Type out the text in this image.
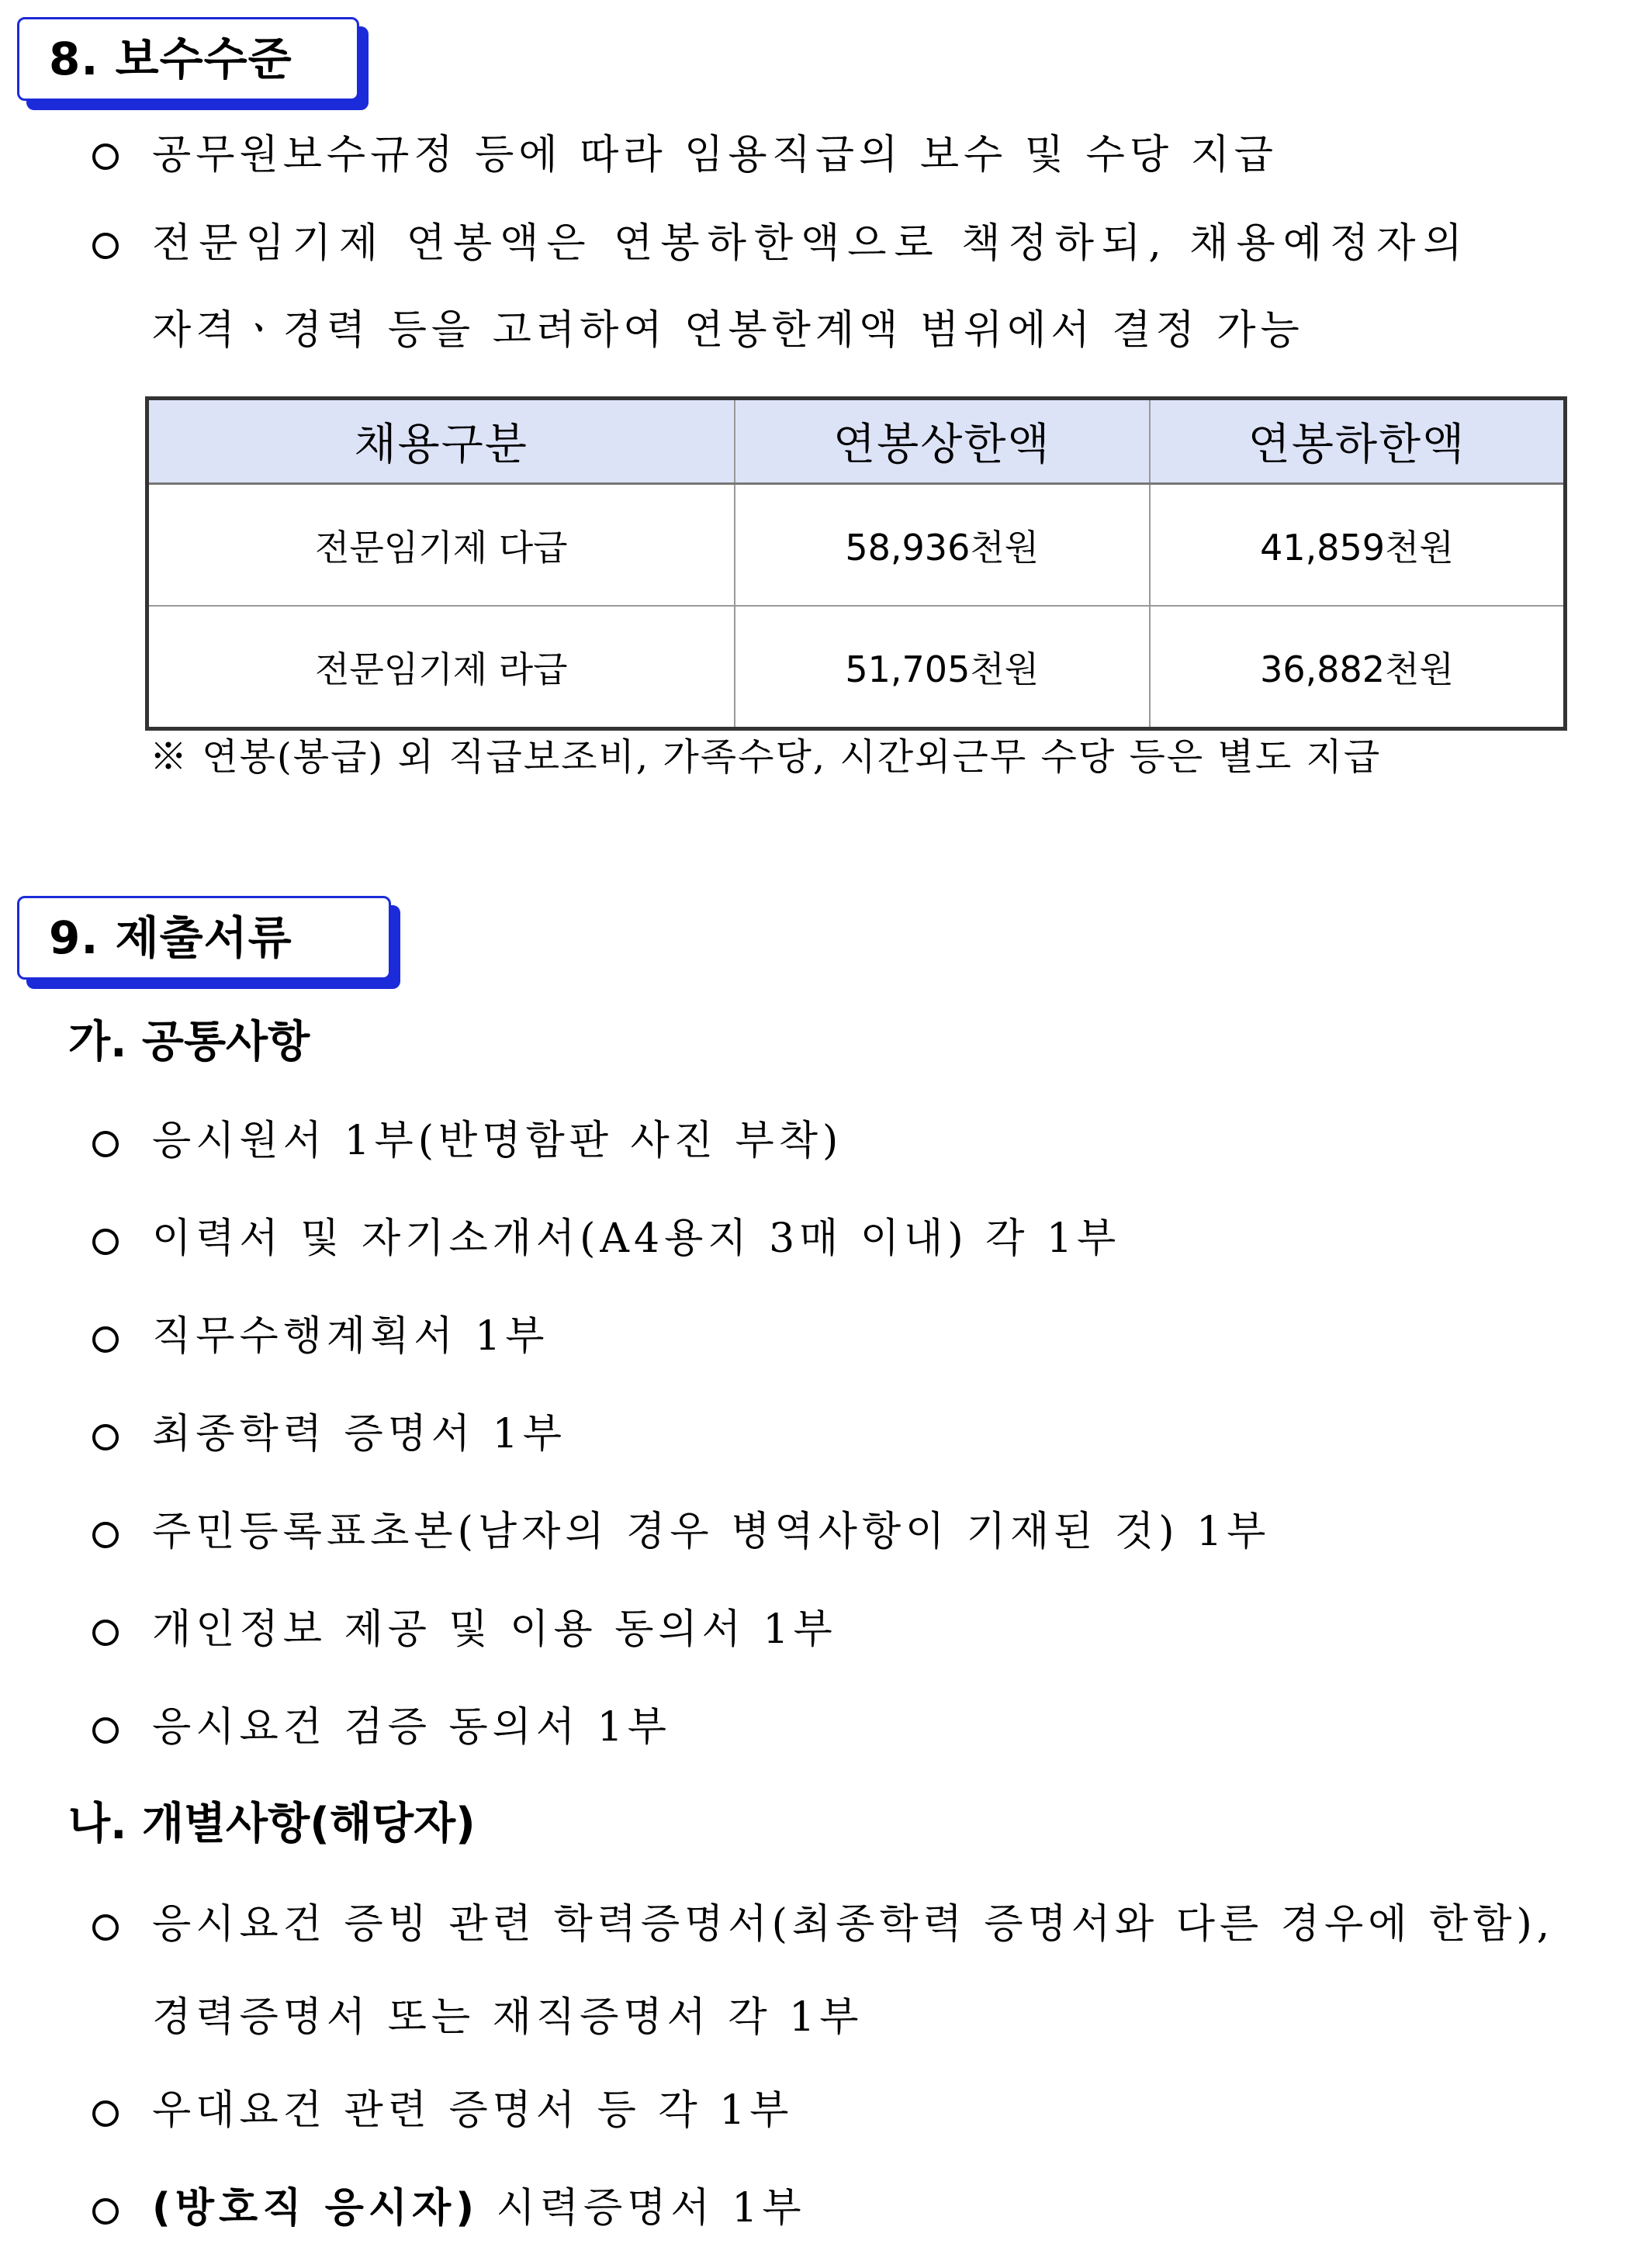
8. 보수수준
공무원보수규정 등에 따라 임용직급의 보수 및 수당 지급
전문임기제 연봉액은 연봉하한액으로 책정하되, 채용예정자의
자격ㆍ경력 등을 고려하여 연봉한계액 범위에서 결정 가능
채용구분	연봉상한액	연봉하한액
전문임기제 다급	58,936천원	41,859천원
전문임기제 라급	51,705천원	36,882천원
※ 연봉(봉급) 외 직급보조비, 가족수당, 시간외근무 수당 등은 별도 지급
9. 제출서류
가. 공통사항
응시원서 1부(반명함판 사진 부착)
이력서 및 자기소개서(A4용지 3매 이내) 각 1부
직무수행계획서 1부
최종학력 증명서 1부
주민등록표초본(남자의 경우 병역사항이 기재된 것) 1부
개인정보 제공 및 이용 동의서 1부
응시요건 검증 동의서 1부
나. 개별사항(해당자)
응시요건 증빙 관련 학력증명서(최종학력 증명서와 다른 경우에 한함),
경력증명서 또는 재직증명서 각 1부
우대요건 관련 증명서 등 각 1부
(방호직 응시자) 시력증명서 1부
